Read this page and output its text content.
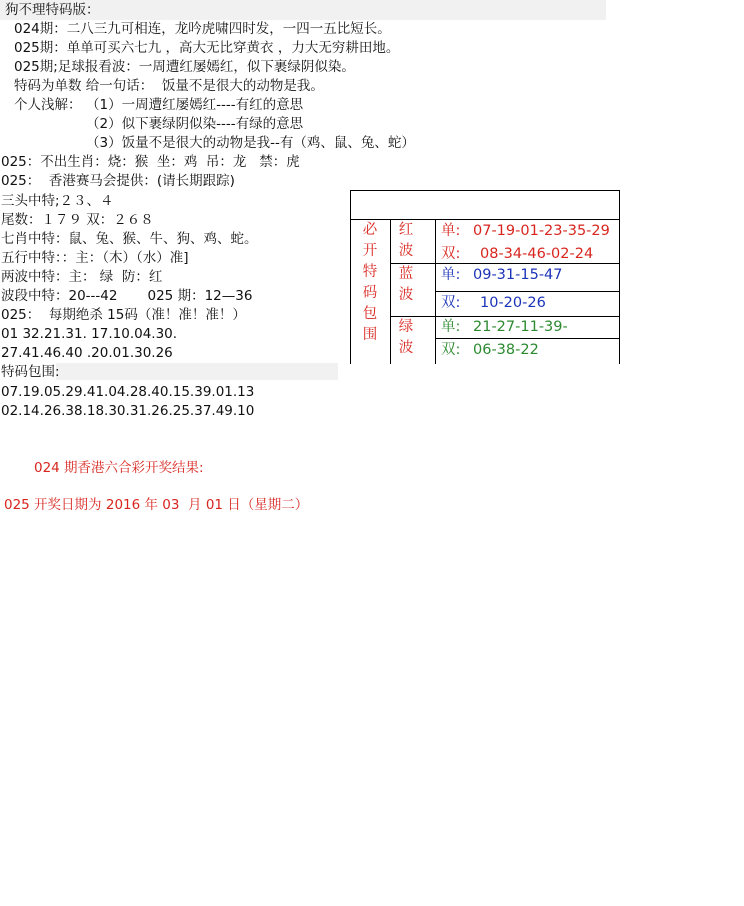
狗不理特码版：
024期：二八三九可相连，龙吟虎啸四时发，一四一五比短长。
025期：单单可买六七九 ，高大无比穿黄衣 ，力大无穷耕田地。
025期;足球报看波：一周遭红屡嫣红，似下裹绿阴似染。
特码为单数 给一句话：  饭量不是很大的动物是我。
个人浅解： （1）一周遭红屡嫣红----有红的意思
（2）似下裹绿阴似染----有绿的意思
（3）饭量不是很大的动物是我--有（鸡、鼠、兔、蛇）
025：不出生肖：烧：猴  坐：鸡  吊：龙   禁：虎
025：  香港赛马会提供：(请长期跟踪)
三头中特;２３、４
尾数：１７９ 双：２６８
七肖中特：鼠、兔、猴、牛、狗、鸡、蛇。
五行中特：：主：（木）（水）准]
两波中特：主： 绿  防：红
波段中特：20---42       025 期：12—36
025：  每期绝杀 15码（准！准！准！）
01 32.21.31. 17.10.04.30.
27.41.46.40 .20.01.30.26
特码包围:
07.19.05.29.41.04.28.40.15.39.01.13
02.14.26.38.18.30.31.26.25.37.49.10
024 期香港六合彩开奖结果:
025 开奖日期为 2016 年 03  月 01 日（星期二）
必
开
特
码
包
围
红
波
蓝
波
绿
波
单: 07-19-01-23-35-29
双: 08-34-46-02-24
单: 09-31-15-47
双: 10-20-26
单: 21-27-11-39-
双: 06-38-22
